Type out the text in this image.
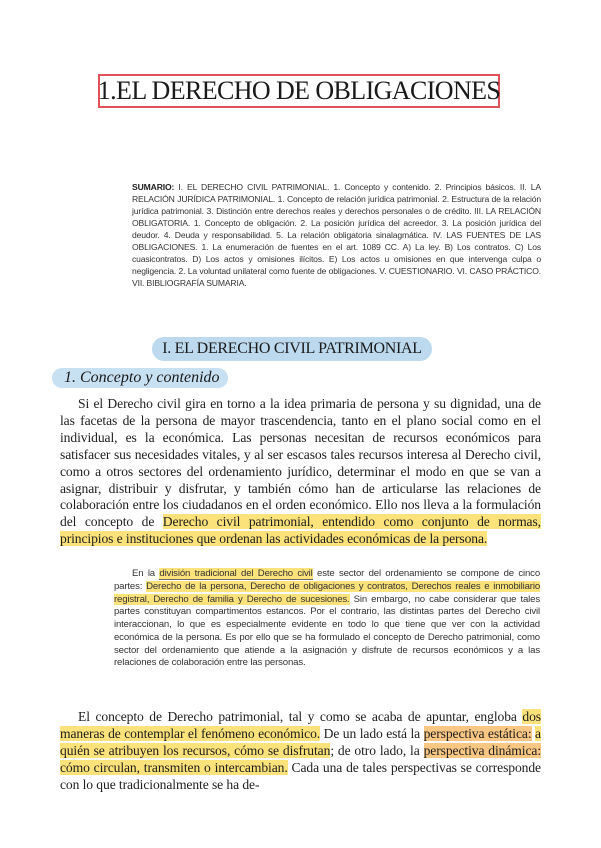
1.EL DERECHO DE OBLIGACIONES
SUMARIO: I. EL DERECHO CIVIL PATRIMONIAL. 1. Concepto y contenido. 2. Principios básicos. II. LA RELACIÓN JURÍDICA PATRIMONIAL. 1. Concepto de relación jurídica patrimonial. 2. Estructura de la relación jurídica patrimonial. 3. Distinción entre derechos reales y derechos personales o de crédito. III. LA RELACIÓN OBLIGATORIA. 1. Concepto de obligación. 2. La posición jurídica del acreedor. 3. La posición jurídica del deudor. 4. Deuda y responsabilidad. 5. La relación obligatoria sinalagmática. IV. LAS FUENTES DE LAS OBLIGACIONES. 1. La enumeración de fuentes en el art. 1089 CC. A) La ley. B) Los contratos. C) Los cuasicontratos. D) Los actos y omisiones ilícitos. E) Los actos u omisiones en que intervenga culpa o negligencia. 2. La voluntad unilateral como fuente de obligaciones. V. CUESTIONARIO. VI. CASO PRÁCTICO. VII. BIBLIOGRAFÍA SUMARIA.
I. EL DERECHO CIVIL PATRIMONIAL
1. Concepto y contenido

Si el Derecho civil gira en torno a la idea primaria de persona y su dignidad, una de las facetas de la persona de mayor trascendencia, tanto en el plano social como en el individual, es la económica. Las personas necesitan de recursos económicos para satisfacer sus necesidades vitales, y al ser escasos tales recursos interesa al Derecho civil, como a otros sectores del ordenamiento jurídico, determinar el modo en que se van a asignar, distribuir y disfrutar, y también cómo han de articularse las relaciones de colaboración entre los ciudadanos en el orden económico. Ello nos lleva a la formulación del concepto de Derecho civil patrimonial, entendido como conjunto de normas, principios e instituciones que ordenan las actividades económicas de la persona.

En la división tradicional del Derecho civil este sector del ordenamiento se compone de cinco partes: Derecho de la persona, Derecho de obligaciones y contratos, Derechos reales e inmobiliario registral, Derecho de familia y Derecho de sucesiones. Sin embargo, no cabe considerar que tales partes constituyan compartimentos estancos. Por el contrario, las distintas partes del Derecho civil interaccionan, lo que es especialmente evidente en todo lo que tiene que ver con la actividad económica de la persona. Es por ello que se ha formulado el concepto de Derecho patrimonial, como sector del ordenamiento que atiende a la asignación y disfrute de recursos económicos y a las relaciones de colaboración entre las personas.

El concepto de Derecho patrimonial, tal y como se acaba de apuntar, engloba dos maneras de contemplar el fenómeno económico. De un lado está la perspectiva estática: a quién se atribuyen los recursos, cómo se disfrutan; de otro lado, la perspectiva dinámica: cómo circulan, transmiten o intercambian. Cada una de tales perspectivas se corresponde con lo que tradicionalmente se ha de-
